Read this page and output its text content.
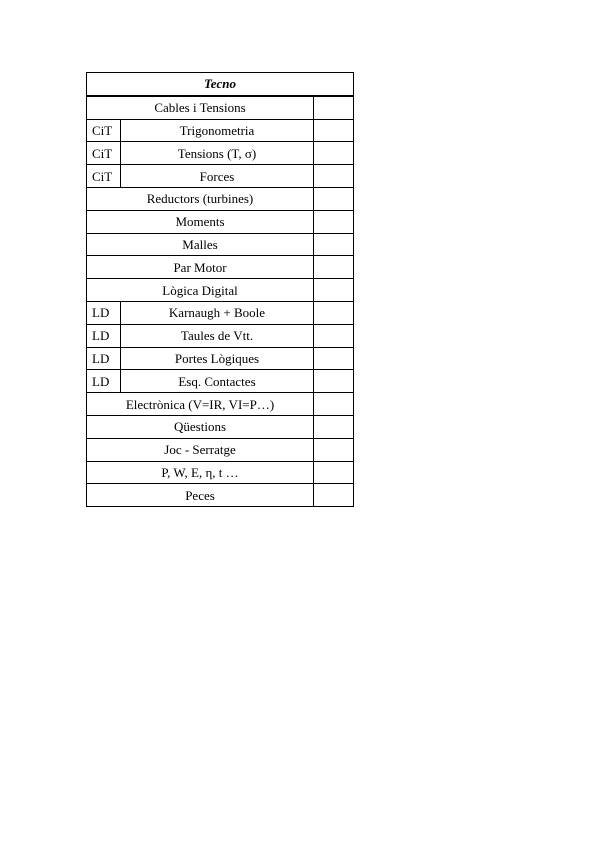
Tecno		
Cables i Tensions		
CiT	Trigonometria	
CiT	Tensions (T, σ)	
CiT	Forces	
Reductors (turbines)		
Moments		
Malles		
Par Motor		
Lògica Digital		
LD	Karnaugh + Boole	
LD	Taules de Vtt.	
LD	Portes Lògiques	
LD	Esq. Contactes	
Electrònica (V=IR, VI=P…)		
Qüestions		
Joc - Serratge		
P, W, E, η, t …		
Peces		
